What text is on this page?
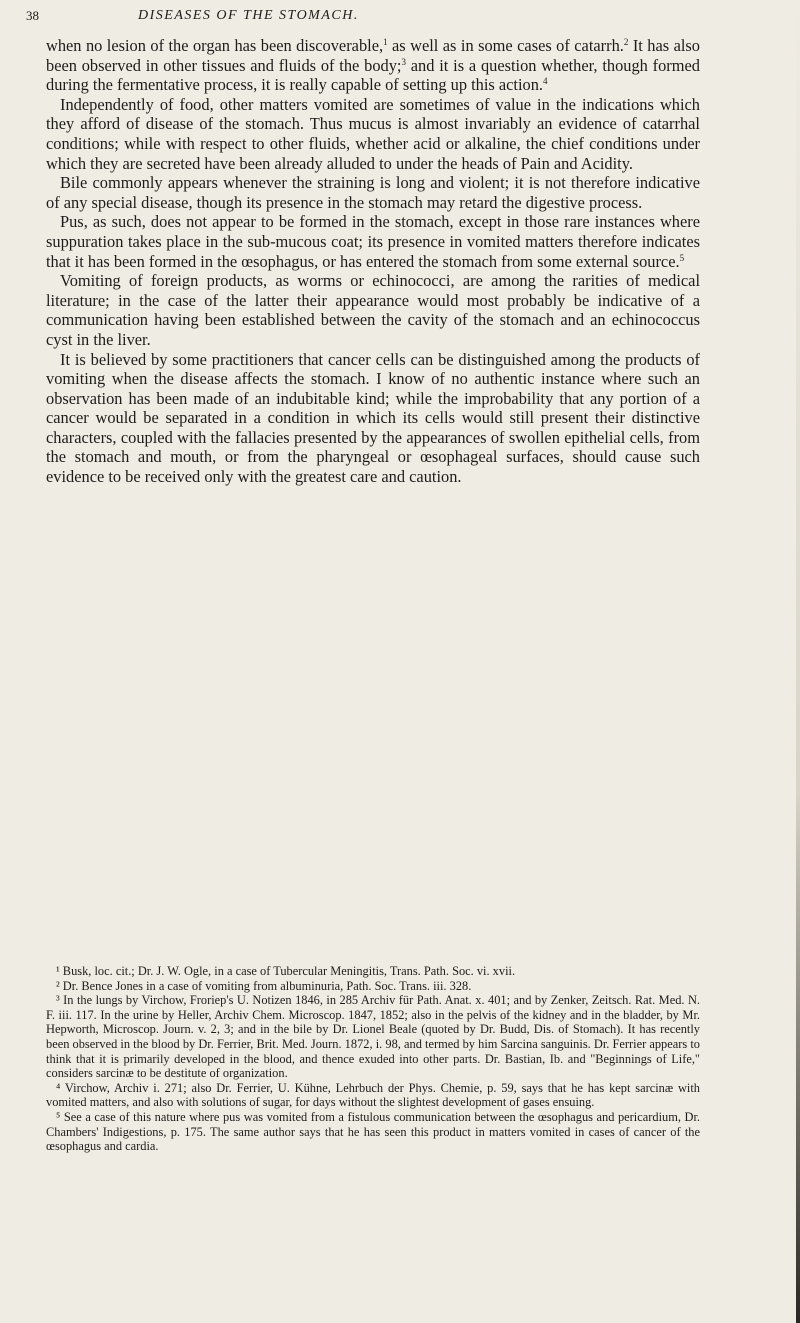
38	DISEASES OF THE STOMACH.

when no lesion of the organ has been discoverable,$^1$ as well as in some cases of catarrh.$^2$ It has also been observed in other tissues and fluids of the body;$^3$ and it is a question whether, though formed during the fermentative process, it is really capable of setting up this action.$^4$

Independently of food, other matters vomited are sometimes of value in the indications which they afford of disease of the stomach. Thus mucus is almost invariably an evidence of catarrhal conditions; while with respect to other fluids, whether acid or alkaline, the chief conditions under which they are secreted have been already alluded to under the heads of Pain and Acidity.

Bile commonly appears whenever the straining is long and violent; it is not therefore indicative of any special disease, though its presence in the stomach may retard the digestive process.

Pus, as such, does not appear to be formed in the stomach, except in those rare instances where suppuration takes place in the sub-mucous coat; its presence in vomited matters therefore indicates that it has been formed in the œsophagus, or has entered the stomach from some external source.$^5$

Vomiting of foreign products, as worms or echinococci, are among the rarities of medical literature; in the case of the latter their appearance would most probably be indicative of a communication having been established between the cavity of the stomach and an echinococcus cyst in the liver.

It is believed by some practitioners that cancer cells can be distinguished among the products of vomiting when the disease affects the stomach. I know of no authentic instance where such an observation has been made of an indubitable kind; while the improbability that any portion of a cancer would be separated in a condition in which its cells would still present their distinctive characters, coupled with the fallacies presented by the appearances of swollen epithelial cells, from the stomach and mouth, or from the pharyngeal or œsophageal surfaces, should cause such evidence to be received only with the greatest care and caution.

¹ Busk, loc. cit.; Dr. J. W. Ogle, in a case of Tubercular Meningitis, Trans. Path. Soc. vi. xvii.

² Dr. Bence Jones in a case of vomiting from albuminuria, Path. Soc. Trans. iii. 328.

³ In the lungs by Virchow, Froriep's U. Notizen 1846, in 285 Archiv für Path. Anat. x. 401; and by Zenker, Zeitsch. Rat. Med. N. F. iii. 117. In the urine by Heller, Archiv Chem. Microscop. 1847, 1852; also in the pelvis of the kidney and in the bladder, by Mr. Hepworth, Microscop. Journ. v. 2, 3; and in the bile by Dr. Lionel Beale (quoted by Dr. Budd, Dis. of Stomach). It has recently been observed in the blood by Dr. Ferrier, Brit. Med. Journ. 1872, i. 98, and termed by him Sarcina sanguinis. Dr. Ferrier appears to think that it is primarily developed in the blood, and thence exuded into other parts. Dr. Bastian, Ib. and "Beginnings of Life," considers sarcinæ to be destitute of organization.

⁴ Virchow, Archiv i. 271; also Dr. Ferrier, U. Kühne, Lehrbuch der Phys. Chemie, p. 59, says that he has kept sarcinæ with vomited matters, and also with solutions of sugar, for days without the slightest development of gases ensuing.

⁵ See a case of this nature where pus was vomited from a fistulous communication between the œsophagus and pericardium, Dr. Chambers' Indigestions, p. 175. The same author says that he has seen this product in matters vomited in cases of cancer of the œsophagus and cardia.
